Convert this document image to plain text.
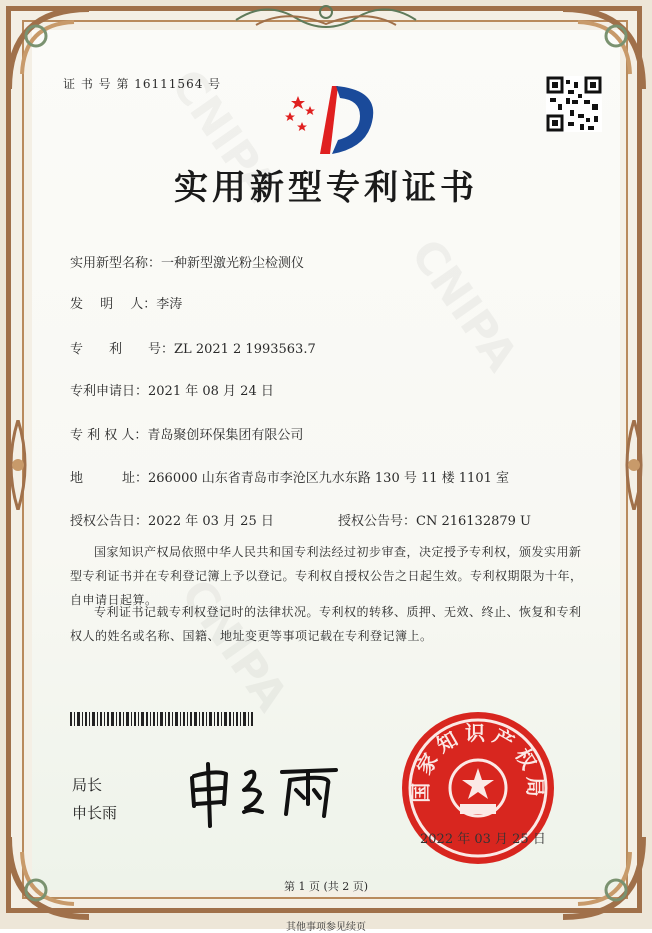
证 书 号 第 16111564 号
实用新型专利证书
实用新型名称：一种新型激光粉尘检测仪
发　 明　 人：李涛
专　　利　　号：ZL 2021 2 1993563.7
专利申请日：2021 年 08 月 24 日
专 利 权 人：青岛聚创环保集团有限公司
地　　　址：266000 山东省青岛市李沧区九水东路 130 号 11 楼 1101 室
授权公告日：2022 年 03 月 25 日	授权公告号：CN 216132879 U
国家知识产权局依照中华人民共和国专利法经过初步审查，决定授予专利权，颁发实用新型专利证书并在专利登记簿上予以登记。专利权自授权公告之日起生效。专利权期限为十年，自申请日起算。
专利证书记载专利权登记时的法律状况。专利权的转移、质押、无效、终止、恢复和专利权人的姓名或名称、国籍、地址变更等事项记载在专利登记簿上。
局长
申长雨
国家知识产权局
2022 年 03 月 25 日
第 1 页 (共 2 页)
其他事项参见续页
